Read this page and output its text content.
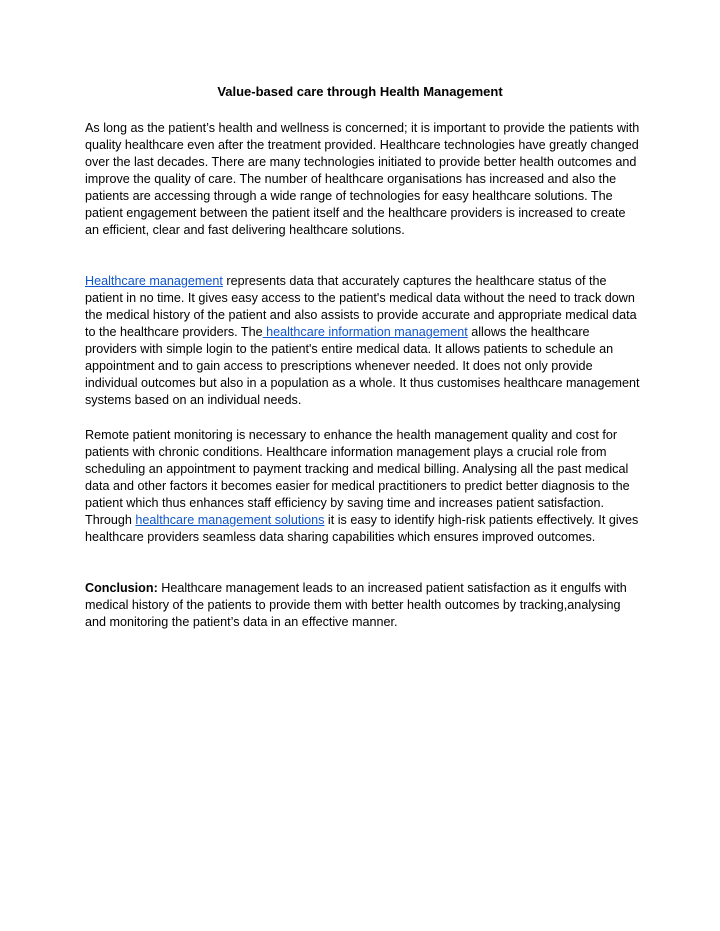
Value-based care through Health Management

As long as the patient’s health and wellness is concerned; it is important to provide the patients with quality healthcare even after the treatment provided. Healthcare technologies have greatly changed over the last decades. There are many technologies initiated to provide better health outcomes and improve the quality of care. The number of healthcare organisations has increased and also the patients are accessing through a wide range of technologies for easy healthcare solutions. The patient engagement between the patient itself and the healthcare providers is increased to create an efficient, clear and fast delivering healthcare solutions.

Healthcare management represents data that accurately captures the healthcare status of the patient in no time. It gives easy access to the patient's medical data without the need to track down the medical history of the patient and also assists to provide accurate and appropriate medical data to the healthcare providers. The healthcare information management allows the healthcare providers with simple login to the patient's entire medical data. It allows patients to schedule an appointment and to gain access to prescriptions whenever needed. It does not only provide individual outcomes but also in a population as a whole. It thus customises healthcare management systems based on an individual needs.

Remote patient monitoring is necessary to enhance the health management quality and cost for patients with chronic conditions. Healthcare information management plays a crucial role from scheduling an appointment to payment tracking and medical billing. Analysing all the past medical data and other factors it becomes easier for medical practitioners to predict better diagnosis to the patient which thus enhances staff efficiency by saving time and increases patient satisfaction. Through healthcare management solutions it is easy to identify high-risk patients effectively. It gives healthcare providers seamless data sharing capabilities which ensures improved outcomes.

Conclusion: Healthcare management leads to an increased patient satisfaction as it engulfs with medical history of the patients to provide them with better health outcomes by tracking,analysing and monitoring the patient’s data in an effective manner.
